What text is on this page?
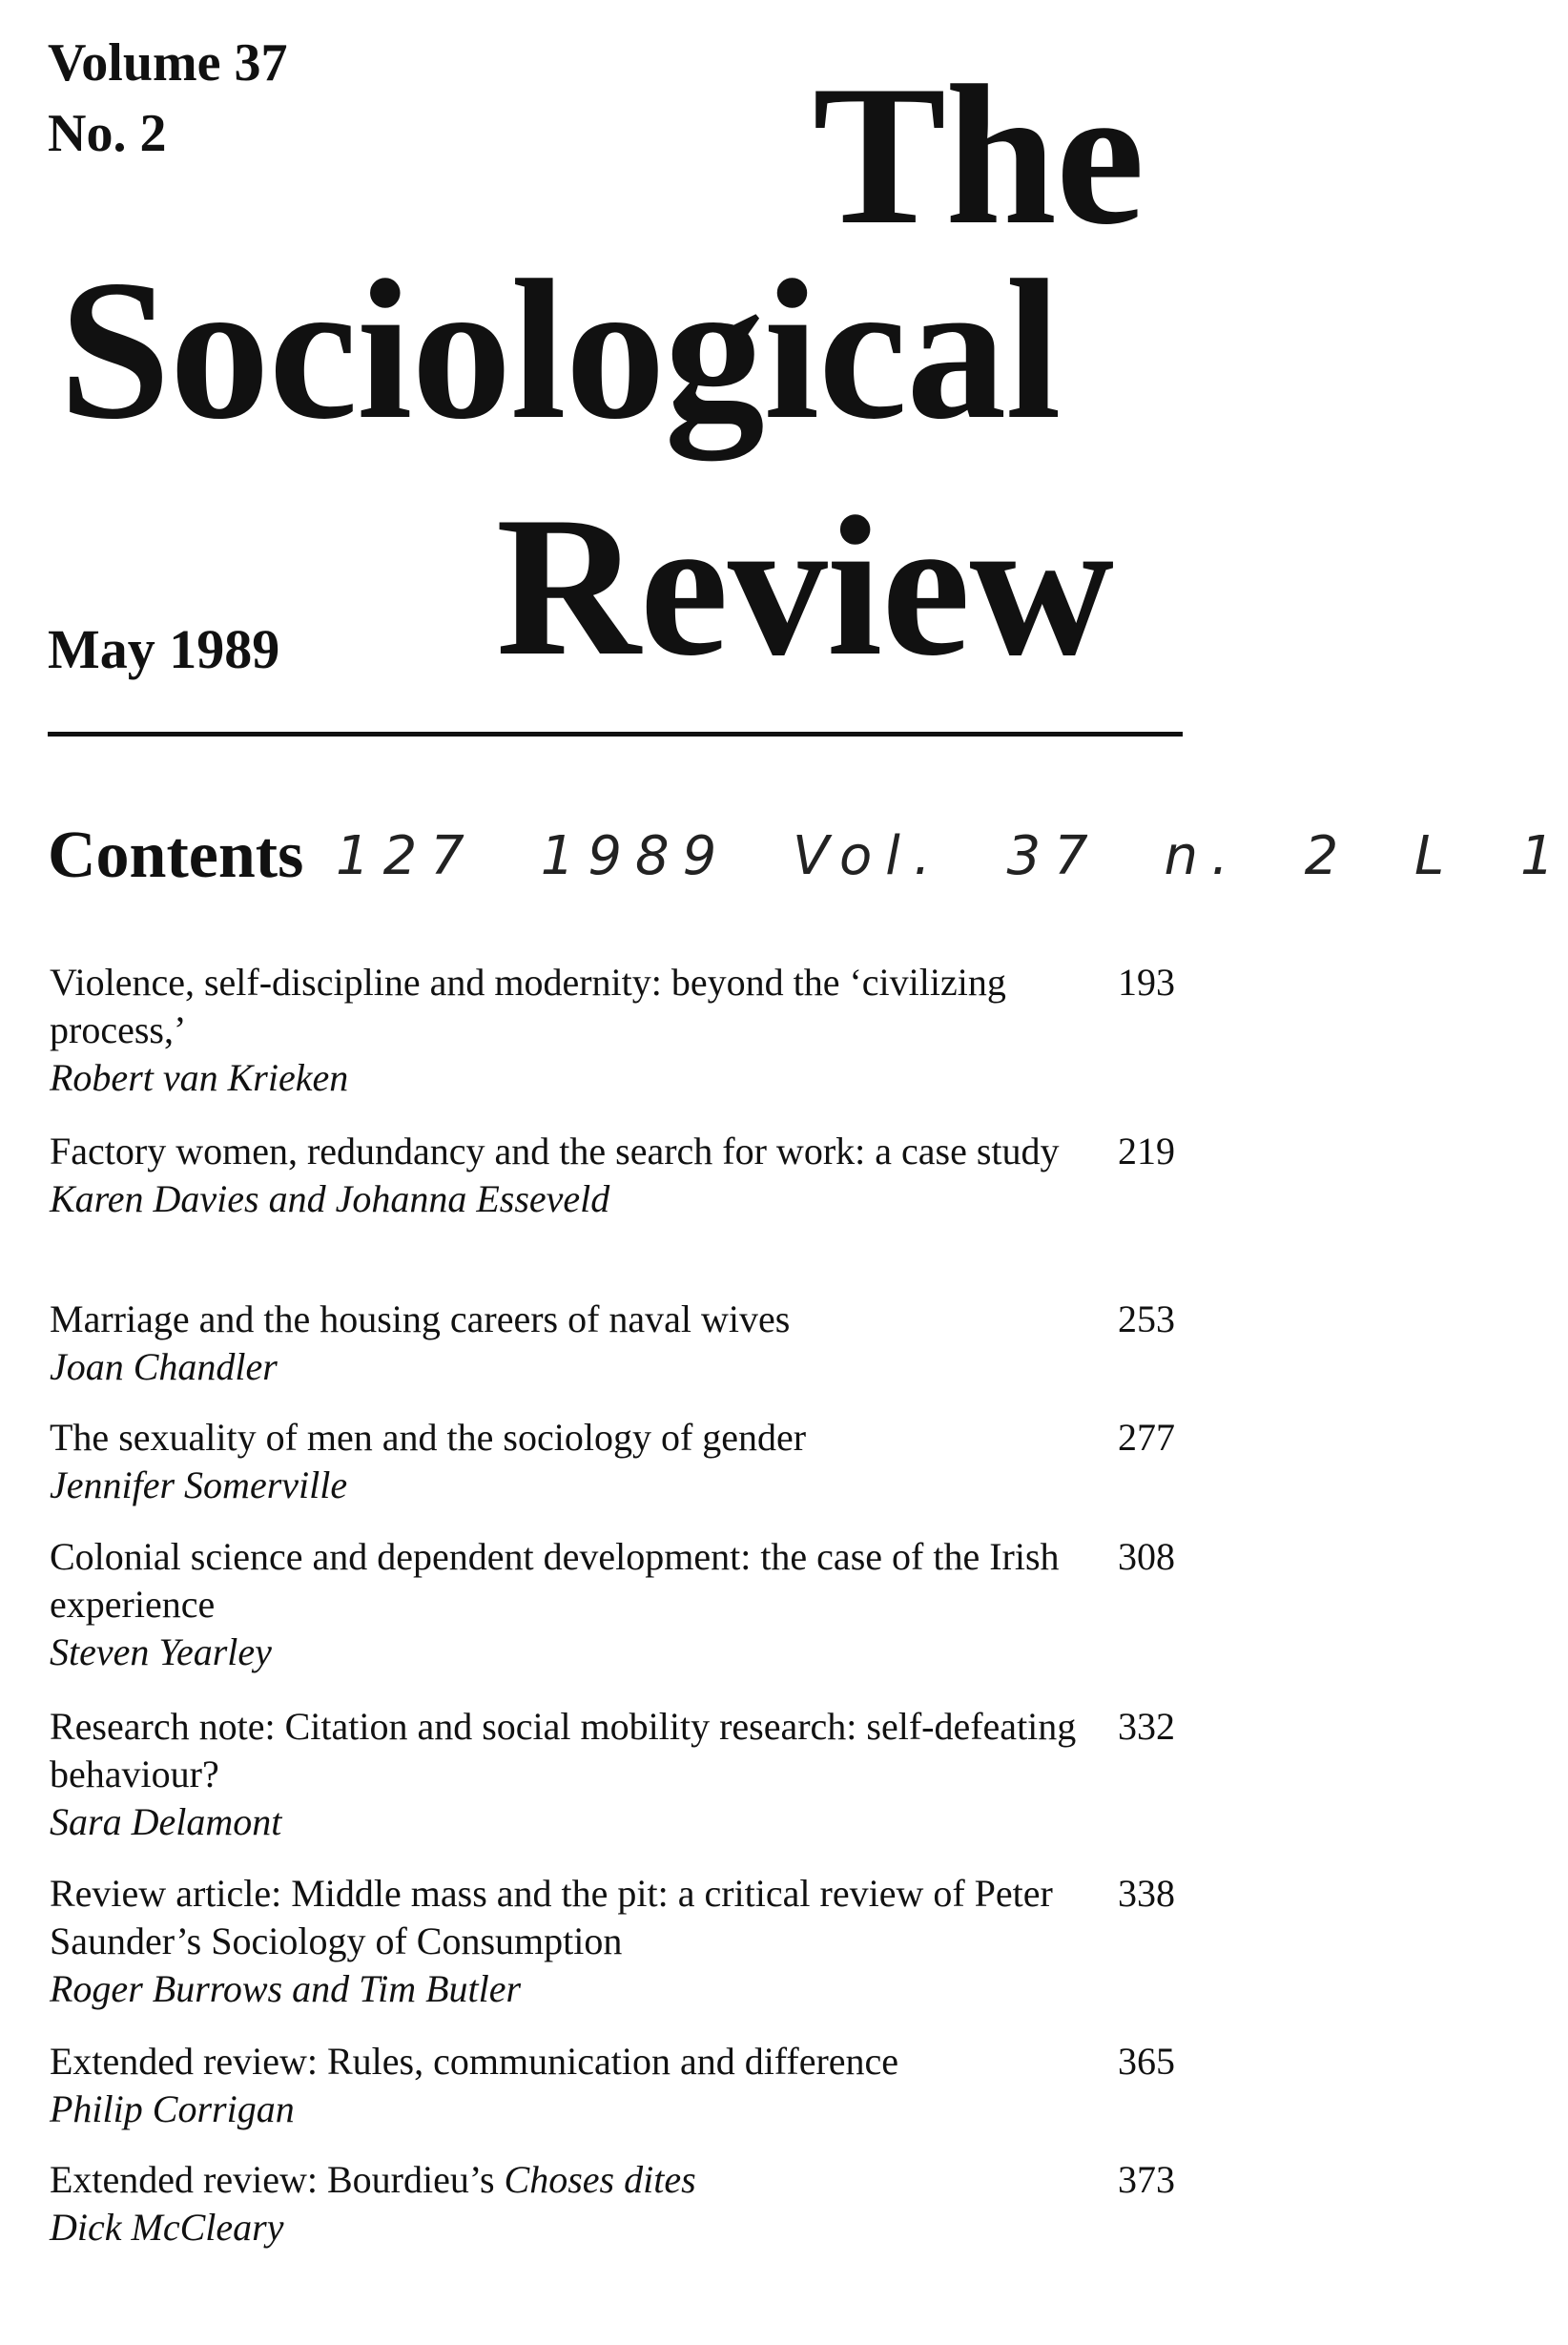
Volume 37
No. 2	The
Sociological
Review
May 1989
Contents 127 1989 Vol. 37 n. 2 L 1
Violence, self-discipline and modernity: beyond the ‘civilizing process,’
Robert van Krieken
193
Factory women, redundancy and the search for work: a case study
Karen Davies and Johanna Esseveld
219
Marriage and the housing careers of naval wives
Joan Chandler
253
The sexuality of men and the sociology of gender
Jennifer Somerville
277
Colonial science and dependent development: the case of the Irish experience
Steven Yearley
308
Research note: Citation and social mobility research: self-defeating behaviour?
Sara Delamont
332
Review article: Middle mass and the pit: a critical review of Peter Saunder’s Sociology of Consumption
Roger Burrows and Tim Butler
338
Extended review: Rules, communication and difference
Philip Corrigan
365
Extended review: Bourdieu’s Choses dites
Dick McCleary
373
